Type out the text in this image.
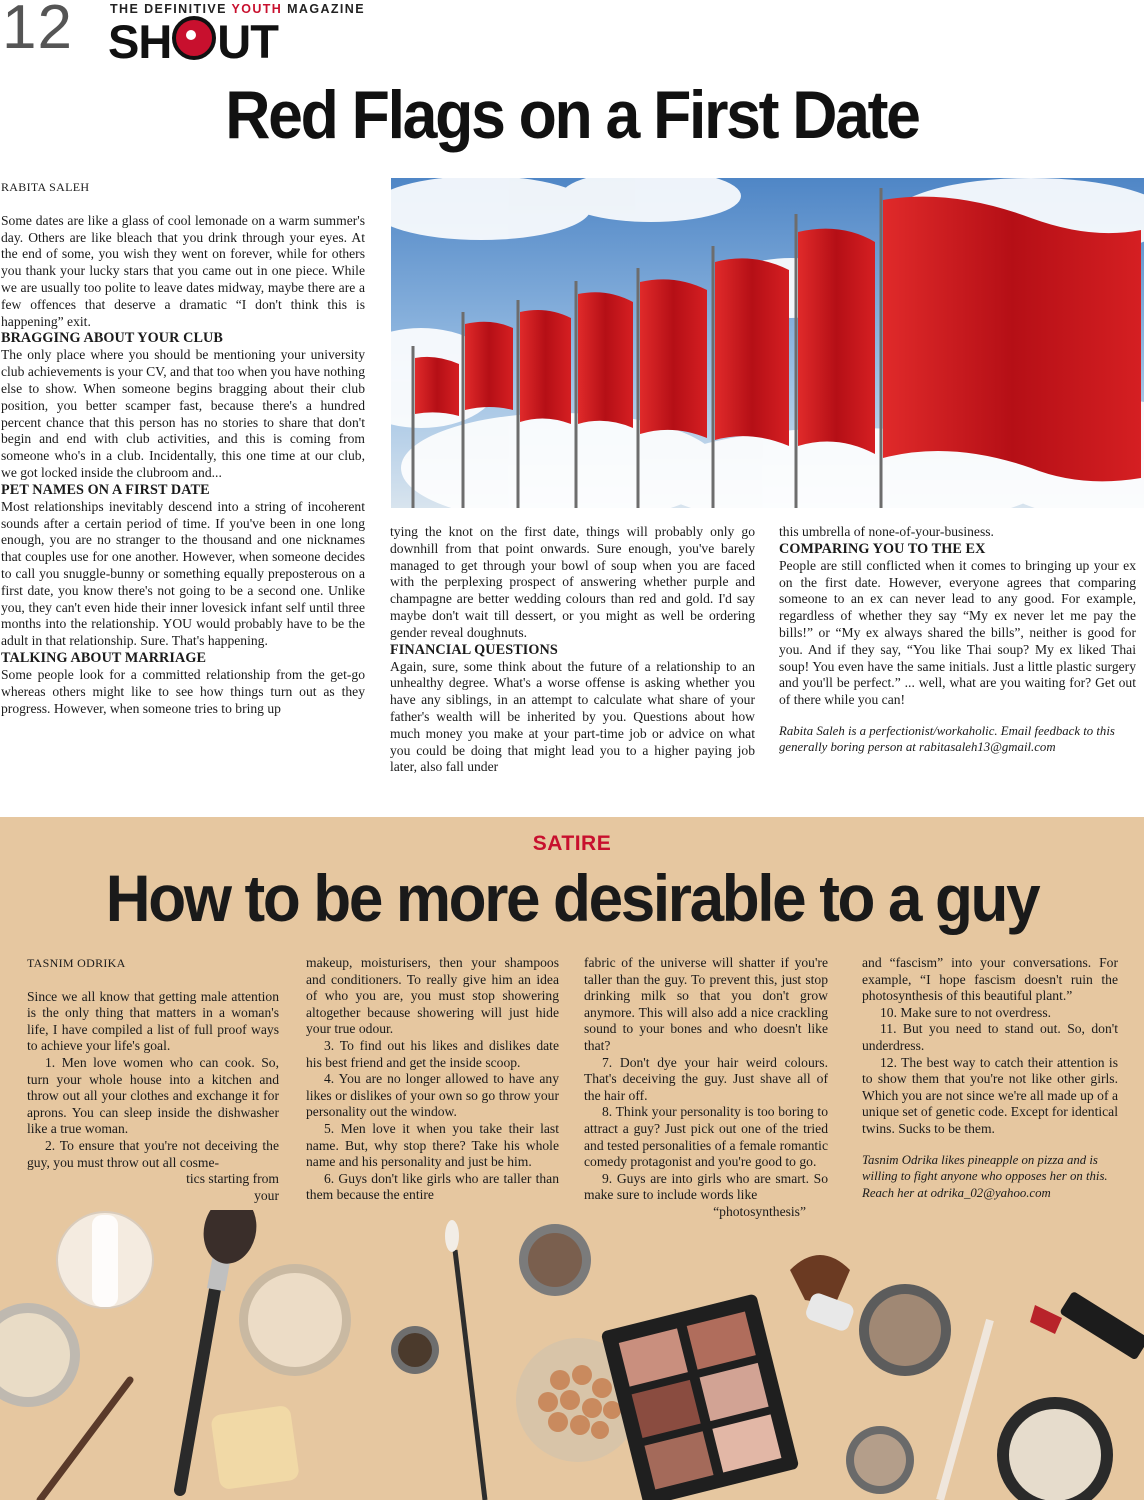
12	THE DEFINITIVE YOUTH MAGAZINE
SH UT
Red Flags on a First Date

RABITA SALEH

Some dates are like a glass of cool lemonade on a warm summer's day. Others are like bleach that you drink through your eyes. At the end of some, you wish they went on forever, while for others you thank your lucky stars that you came out in one piece. While we are usually too polite to leave dates midway, maybe there are a few offences that deserve a dramatic “I don't think this is happening” exit.

BRAGGING ABOUT YOUR CLUB

The only place where you should be mentioning your university club achievements is your CV, and that too when you have nothing else to show. When someone begins bragging about their club position, you better scamper fast, because there's a hundred percent chance that this person has no stories to share that don't begin and end with club activities, and this is coming from someone who's in a club. Incidentally, this one time at our club, we got locked inside the clubroom and...

PET NAMES ON A FIRST DATE

Most relationships inevitably descend into a string of incoherent sounds after a certain period of time. If you've been in one long enough, you are no stranger to the thousand and one nicknames that couples use for one another. However, when someone decides to call you snuggle-bunny or something equally preposterous on a first date, you know there's not going to be a second one. Unlike you, they can't even hide their inner lovesick infant self until three months into the relationship. YOU would probably have to be the adult in that relationship. Sure. That's happening.

TALKING ABOUT MARRIAGE

Some people look for a committed relationship from the get-go whereas others might like to see how things turn out as they progress. However, when someone tries to bring up

tying the knot on the first date, things will probably only go downhill from that point onwards. Sure enough, you've barely managed to get through your bowl of soup when you are faced with the perplexing prospect of answering whether purple and champagne are better wedding colours than red and gold. I'd say maybe don't wait till dessert, or you might as well be ordering gender reveal doughnuts.

FINANCIAL QUESTIONS

Again, sure, some think about the future of a relationship to an unhealthy degree. What's a worse offense is asking whether you have any siblings, in an attempt to calculate what share of your father's wealth will be inherited by you. Questions about how much money you make at your part-time job or advice on what you could be doing that might lead you to a higher paying job later, also fall under

this umbrella of none-of-your-business.

COMPARING YOU TO THE EX

People are still conflicted when it comes to bringing up your ex on the first date. However, everyone agrees that comparing someone to an ex can never lead to any good. For example, regardless of whether they say “My ex never let me pay the bills!” or “My ex always shared the bills”, neither is good for you. And if they say, “You like Thai soup? My ex liked Thai soup! You even have the same initials. Just a little plastic surgery and you'll be perfect.” ... well, what are you waiting for? Get out of there while you can!

Rabita Saleh is a perfectionist/workaholic. Email feedback to this generally boring person at rabitasaleh13@gmail.com

SATIRE
How to be more desirable to a guy

TASNIM ODRIKA

Since we all know that getting male attention is the only thing that matters in a woman's life, I have compiled a list of full proof ways to achieve your life's goal.

1. Men love women who can cook. So, turn your whole house into a kitchen and throw out all your clothes and exchange it for aprons. You can sleep inside the dishwasher like a true woman.

2. To ensure that you're not deceiving the guy, you must throw out all cosme-

tics starting from

your

makeup, moisturisers, then your shampoos and conditioners. To really give him an idea of who you are, you must stop showering altogether because showering will just hide your true odour.

3. To find out his likes and dislikes date his best friend and get the inside scoop.

4. You are no longer allowed to have any likes or dislikes of your own so go throw your personality out the window.

5. Men love it when you take their last name. But, why stop there? Take his whole name and his personality and just be him.

6. Guys don't like girls who are taller than them because the entire

fabric of the universe will shatter if you're taller than the guy. To prevent this, just stop drinking milk so that you don't grow anymore. This will also add a nice crackling sound to your bones and who doesn't like that?

7. Don't dye your hair weird colours. That's deceiving the guy. Just shave all of the hair off.

8. Think your personality is too boring to attract a guy? Just pick out one of the tried and tested personalities of a female romantic comedy protagonist and you're good to go.

9. Guys are into girls who are smart. So make sure to include words like

“photosynthesis”

and “fascism” into your conversations. For example, “I hope fascism doesn't ruin the photosynthesis of this beautiful plant.”

10. Make sure to not overdress.

11. But you need to stand out. So, don't underdress.

12. The best way to catch their attention is to show them that you're not like other girls. Which you are not since we're all made up of a unique set of genetic code. Except for identical twins. Sucks to be them.

Tasnim Odrika likes pineapple on pizza and is willing to fight anyone who opposes her on this. Reach her at odrika_02@yahoo.com
